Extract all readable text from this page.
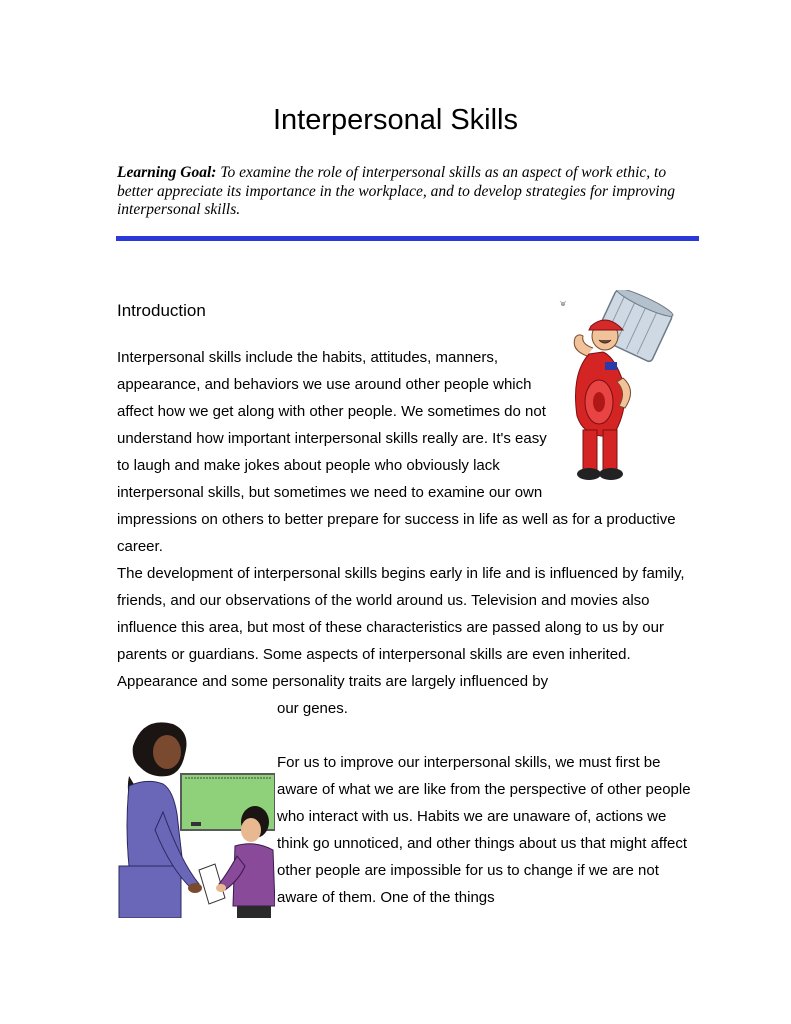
Interpersonal Skills
Learning Goal: To examine the role of interpersonal skills as an aspect of work ethic, to better appreciate its importance in the workplace, and to develop strategies for improving interpersonal skills.
Introduction
Interpersonal skills include the habits, attitudes, manners, appearance, and behaviors we use around other people which affect how we get along with other people. We sometimes do not understand how important interpersonal skills really are. It's easy to laugh and make jokes about people who obviously lack interpersonal skills, but sometimes we need to examine our own
impressions on others to better prepare for success in life as well as for a productive career.
The development of interpersonal skills begins early in life and is influenced by family, friends, and our observations of the world around us. Television and movies also influence this area, but most of these characteristics are passed along to us by our parents or guardians. Some aspects of interpersonal skills are even inherited. Appearance and some personality traits are largely influenced by
our genes.
For us to improve our interpersonal skills, we must first be aware of what we are like from the perspective of other people who interact with us. Habits we are unaware of, actions we think go unnoticed, and other things about us that might affect other people are impossible for us to change if we are not aware of them. One of the things
